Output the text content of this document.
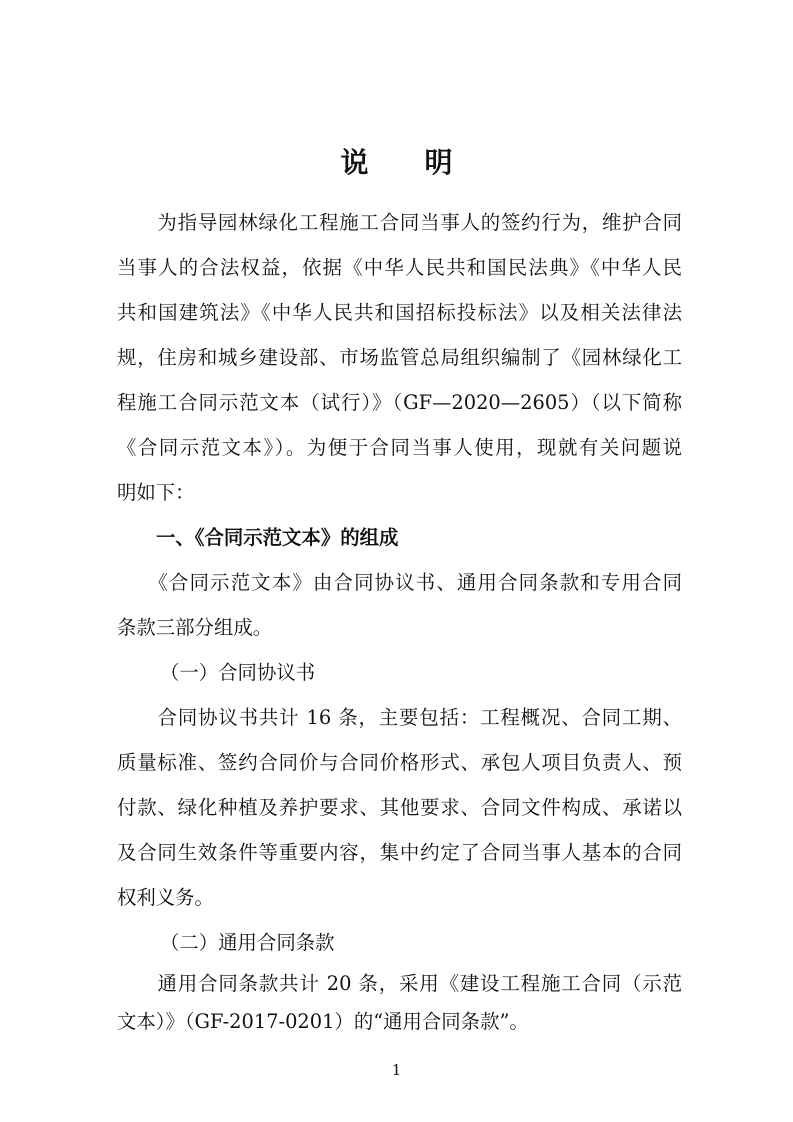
说　　明
　　为指导园林绿化工程施工合同当事人的签约行为，维护合同
当事人的合法权益，依据《中华人民共和国民法典》《中华人民
共和国建筑法》《中华人民共和国招标投标法》以及相关法律法
规，住房和城乡建设部、市场监管总局组织编制了《园林绿化工
程施工合同示范文本（试行）》（GF—2020—2605）（以下简称
《合同示范文本》）。为便于合同当事人使用，现就有关问题说
明如下：
一、《合同示范文本》的组成
　　《合同示范文本》由合同协议书、通用合同条款和专用合同
条款三部分组成。
（一）合同协议书
　　合同协议书共计 16 条，主要包括：工程概况、合同工期、
质量标准、签约合同价与合同价格形式、承包人项目负责人、预
付款、绿化种植及养护要求、其他要求、合同文件构成、承诺以
及合同生效条件等重要内容，集中约定了合同当事人基本的合同
权利义务。
（二）通用合同条款
1
　　通用合同条款共计 20 条，采用《建设工程施工合同（示范
文本）》（GF-2017-0201）的“通用合同条款”。
